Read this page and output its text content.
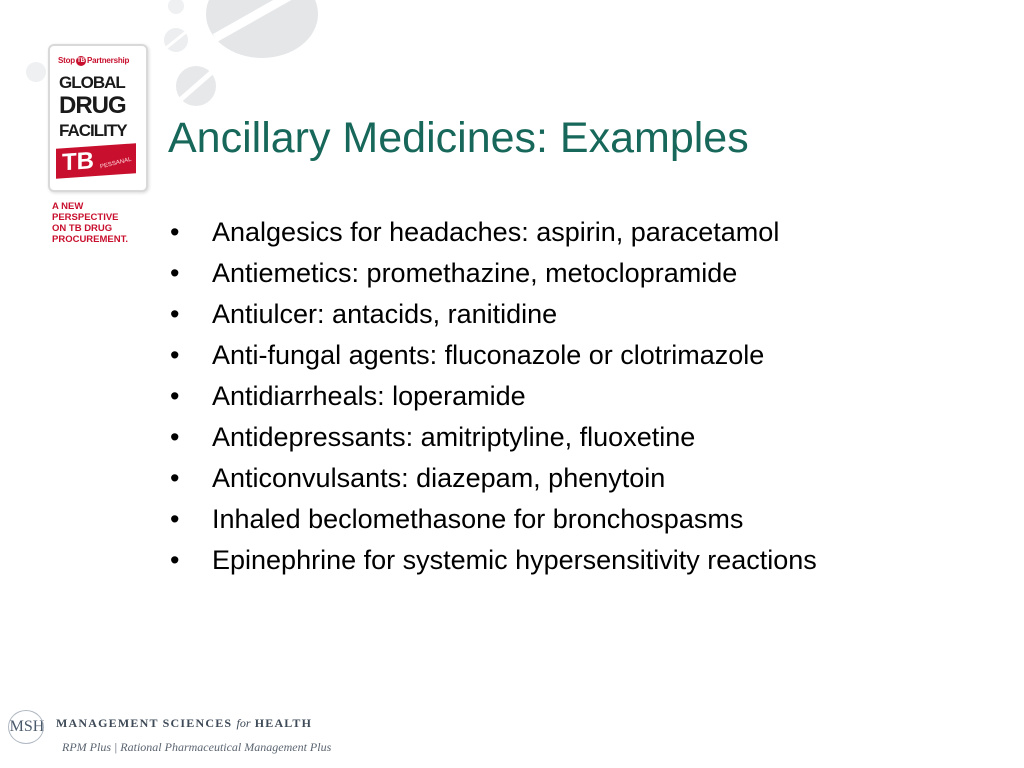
Stop TB Partnership
GLOBAL
DRUG
FACILITY
TB	PESSANAL
A NEW
PERSPECTIVE
ON TB DRUG
PROCUREMENT.
Ancillary Medicines: Examples
• Analgesics for headaches: aspirin, paracetamol
• Antiemetics: promethazine, metoclopramide
• Antiulcer: antacids, ranitidine
• Anti-fungal agents: fluconazole or clotrimazole
• Antidiarrheals: loperamide
• Antidepressants: amitriptyline, fluoxetine
• Anticonvulsants: diazepam, phenytoin
• Inhaled beclomethasone for bronchospasms
• Epinephrine for systemic hypersensitivity reactions
MSH MANAGEMENT SCIENCES for HEALTH
RPM Plus | Rational Pharmaceutical Management Plus
